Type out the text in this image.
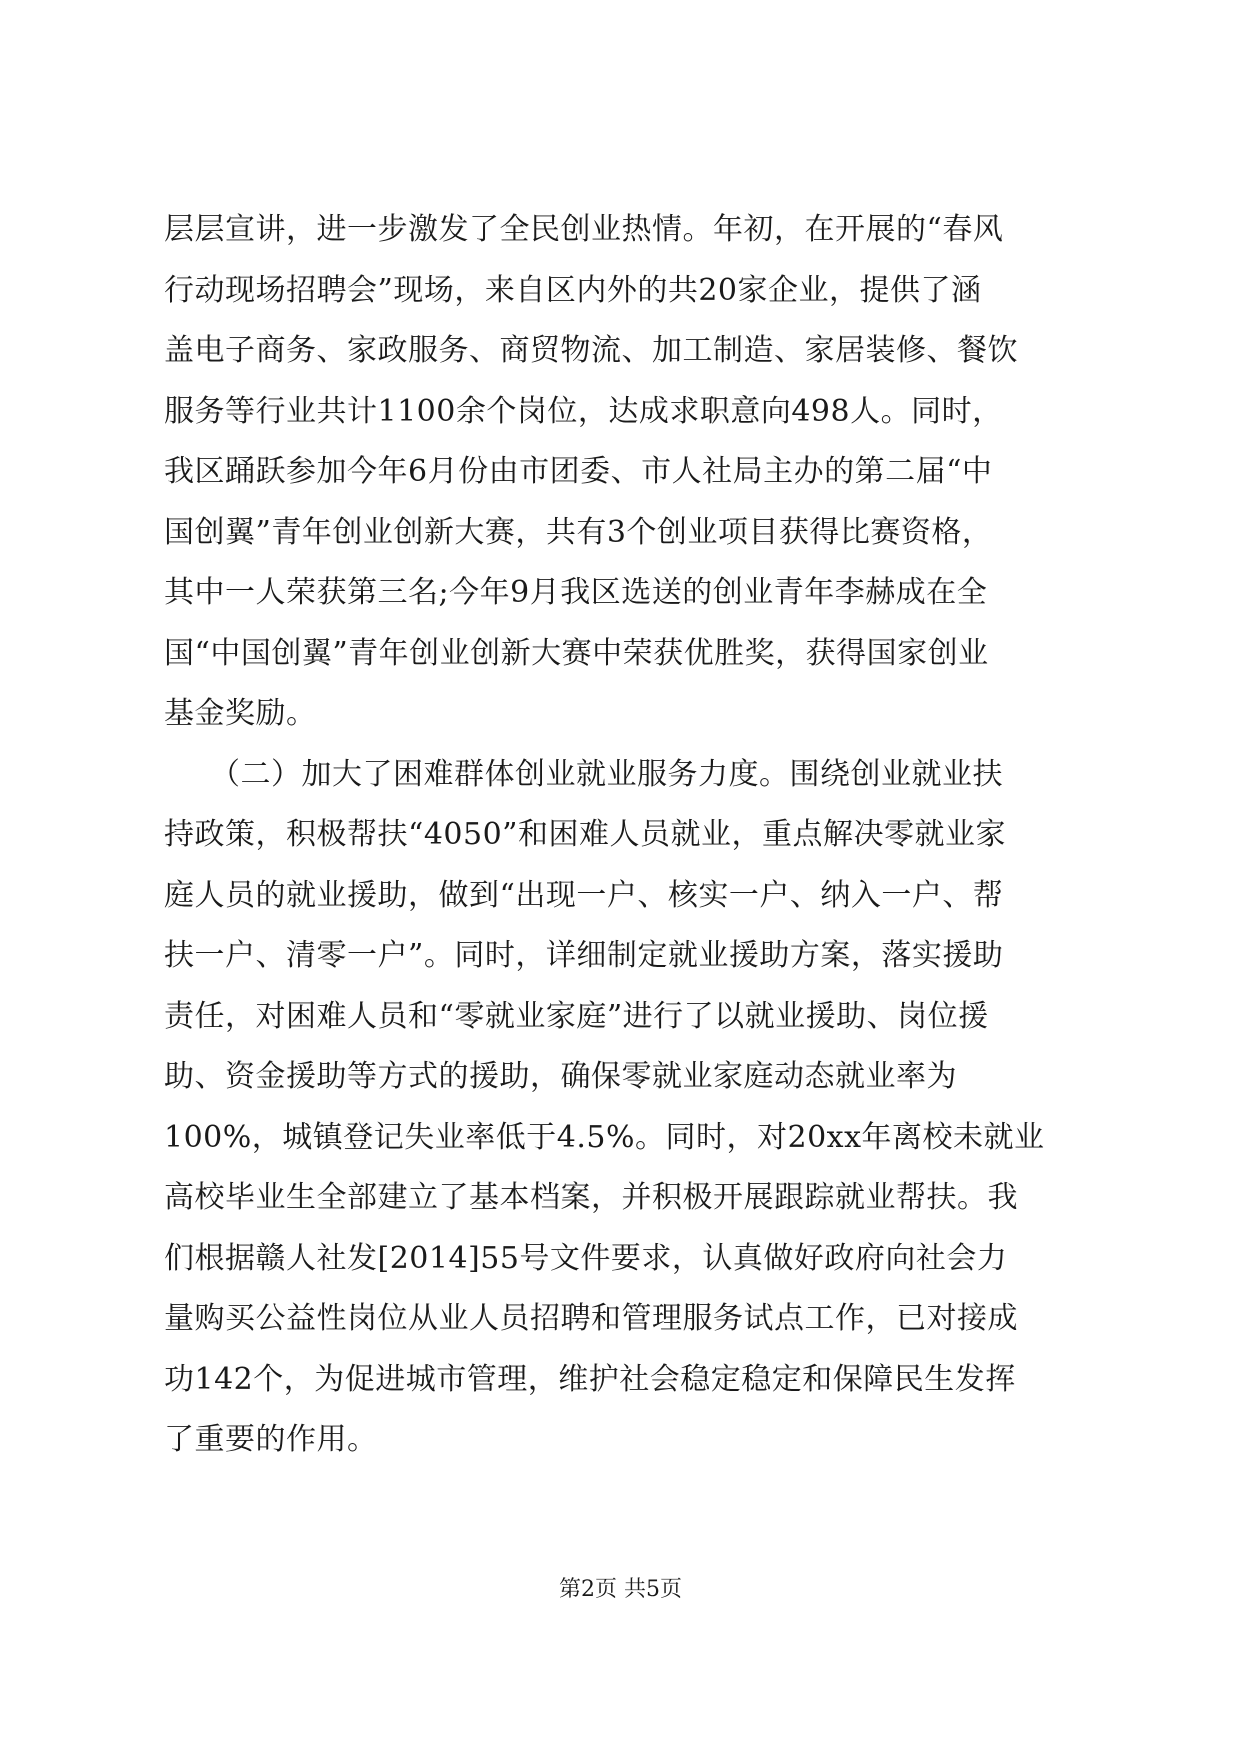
层层宣讲，进一步激发了全民创业热情。年初，在开展的“春风
行动现场招聘会”现场，来自区内外的共20家企业，提供了涵
盖电子商务、家政服务、商贸物流、加工制造、家居装修、餐饮
服务等行业共计1100余个岗位，达成求职意向498人。同时，
我区踊跃参加今年6月份由市团委、市人社局主办的第二届“中
国创翼”青年创业创新大赛，共有3个创业项目获得比赛资格，
其中一人荣获第三名;今年9月我区选送的创业青年李赫成在全
国“中国创翼”青年创业创新大赛中荣获优胜奖，获得国家创业
基金奖励。
　　（二）加大了困难群体创业就业服务力度。围绕创业就业扶
持政策，积极帮扶“4050”和困难人员就业，重点解决零就业家
庭人员的就业援助，做到“出现一户、核实一户、纳入一户、帮
扶一户、清零一户”。同时，详细制定就业援助方案，落实援助
责任，对困难人员和“零就业家庭”进行了以就业援助、岗位援
助、资金援助等方式的援助，确保零就业家庭动态就业率为
100%，城镇登记失业率低于4.5%。同时，对20xx年离校未就业
高校毕业生全部建立了基本档案，并积极开展跟踪就业帮扶。我
们根据赣人社发[2014]55号文件要求，认真做好政府向社会力
量购买公益性岗位从业人员招聘和管理服务试点工作，已对接成
功142个，为促进城市管理，维护社会稳定稳定和保障民生发挥
了重要的作用。
第2页 共5页
